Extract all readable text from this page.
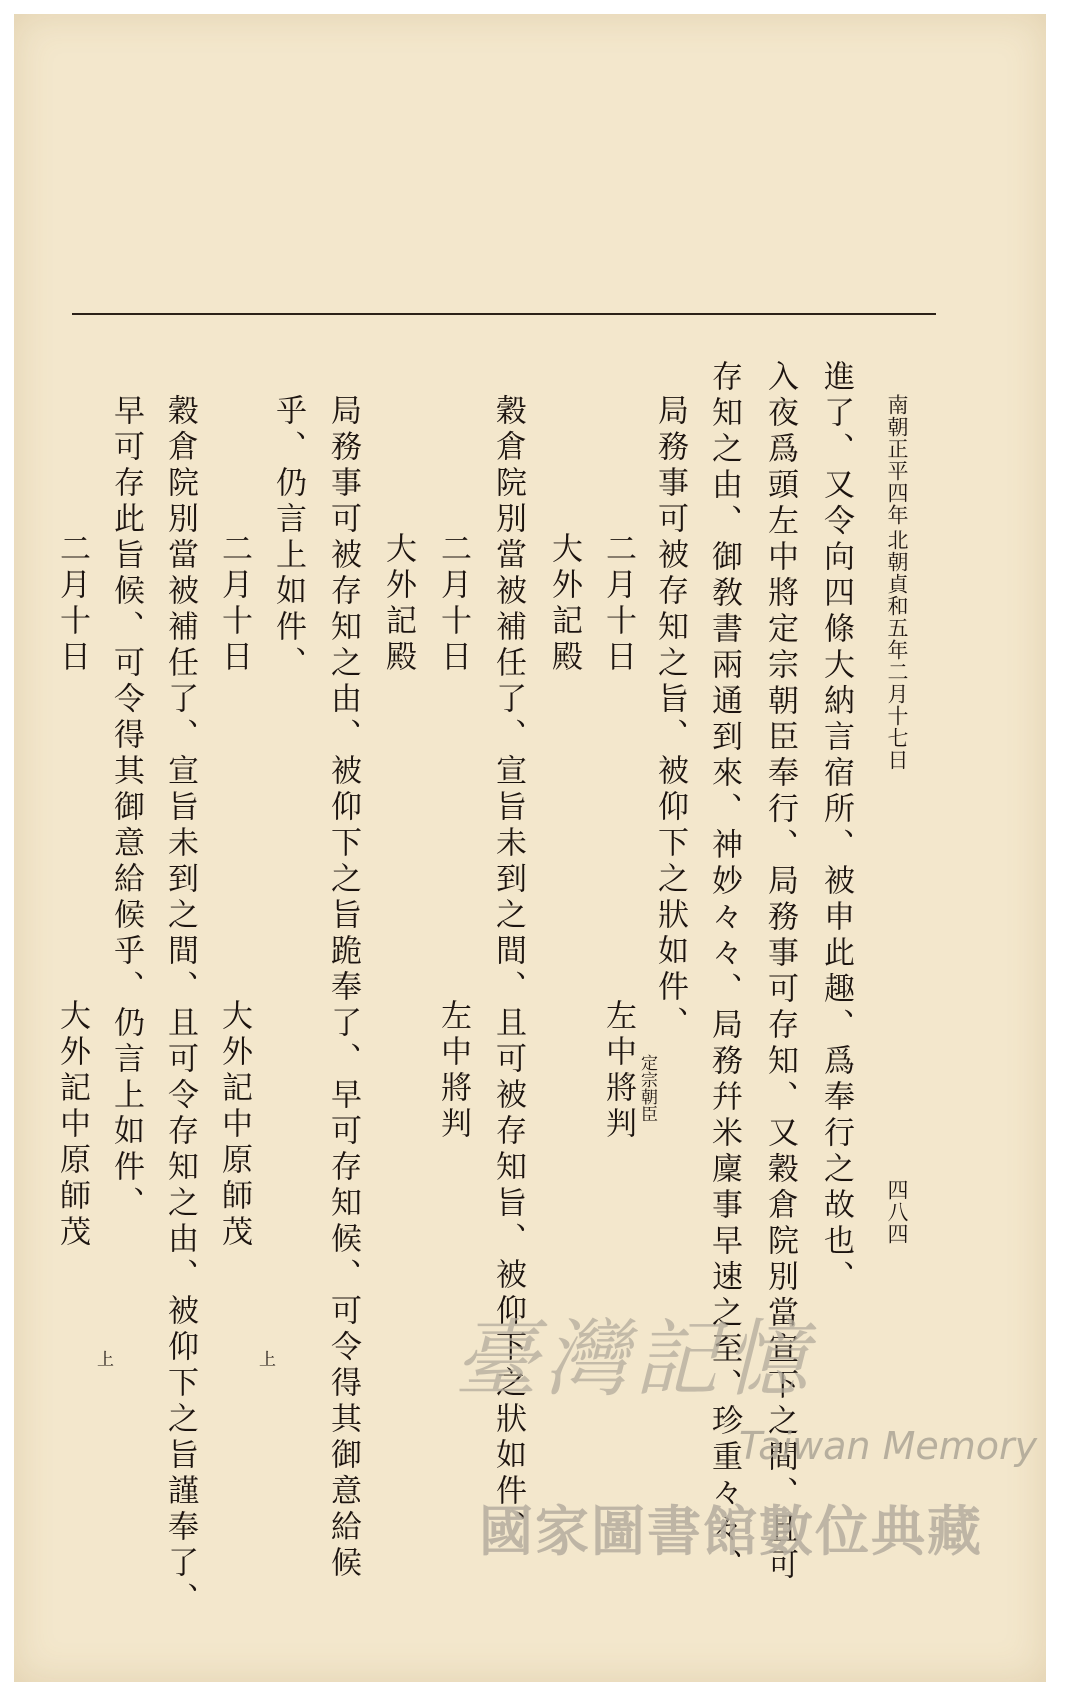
南朝正平四年
北朝貞和五年二月十七日
四八四
進了、又令向四條大納言宿所、被申此趣、爲奉行之故也、
入夜爲頭左中將定宗朝臣奉行、局務事可存知、又穀倉院別當宣下之間、且可
存知之由、御敎書兩通到來、神妙々々、局務幷米廩事早速之至、珍重々々、
局務事可被存知之旨、被仰下之狀如件、
二月十日
大外記殿
穀倉院別當被補任了、宣旨未到之間、且可被存知旨、被仰下之狀如件、
二月十日
大外記殿
局務事可被存知之由、被仰下之旨跪奉了、早可存知候、可令得其御意給候
乎、仍言上如件、
二月十日
穀倉院別當被補任了、宣旨未到之間、且可令存知之由、被仰下之旨謹奉了、
早可存此旨候、可令得其御意給候乎、仍言上如件、
二月十日
左中將判 定宗朝臣
左中將判
大外記中原師茂
上
大外記中原師茂
上	臺灣記憶
Taiwan Memory
國家圖書館數位典藏
